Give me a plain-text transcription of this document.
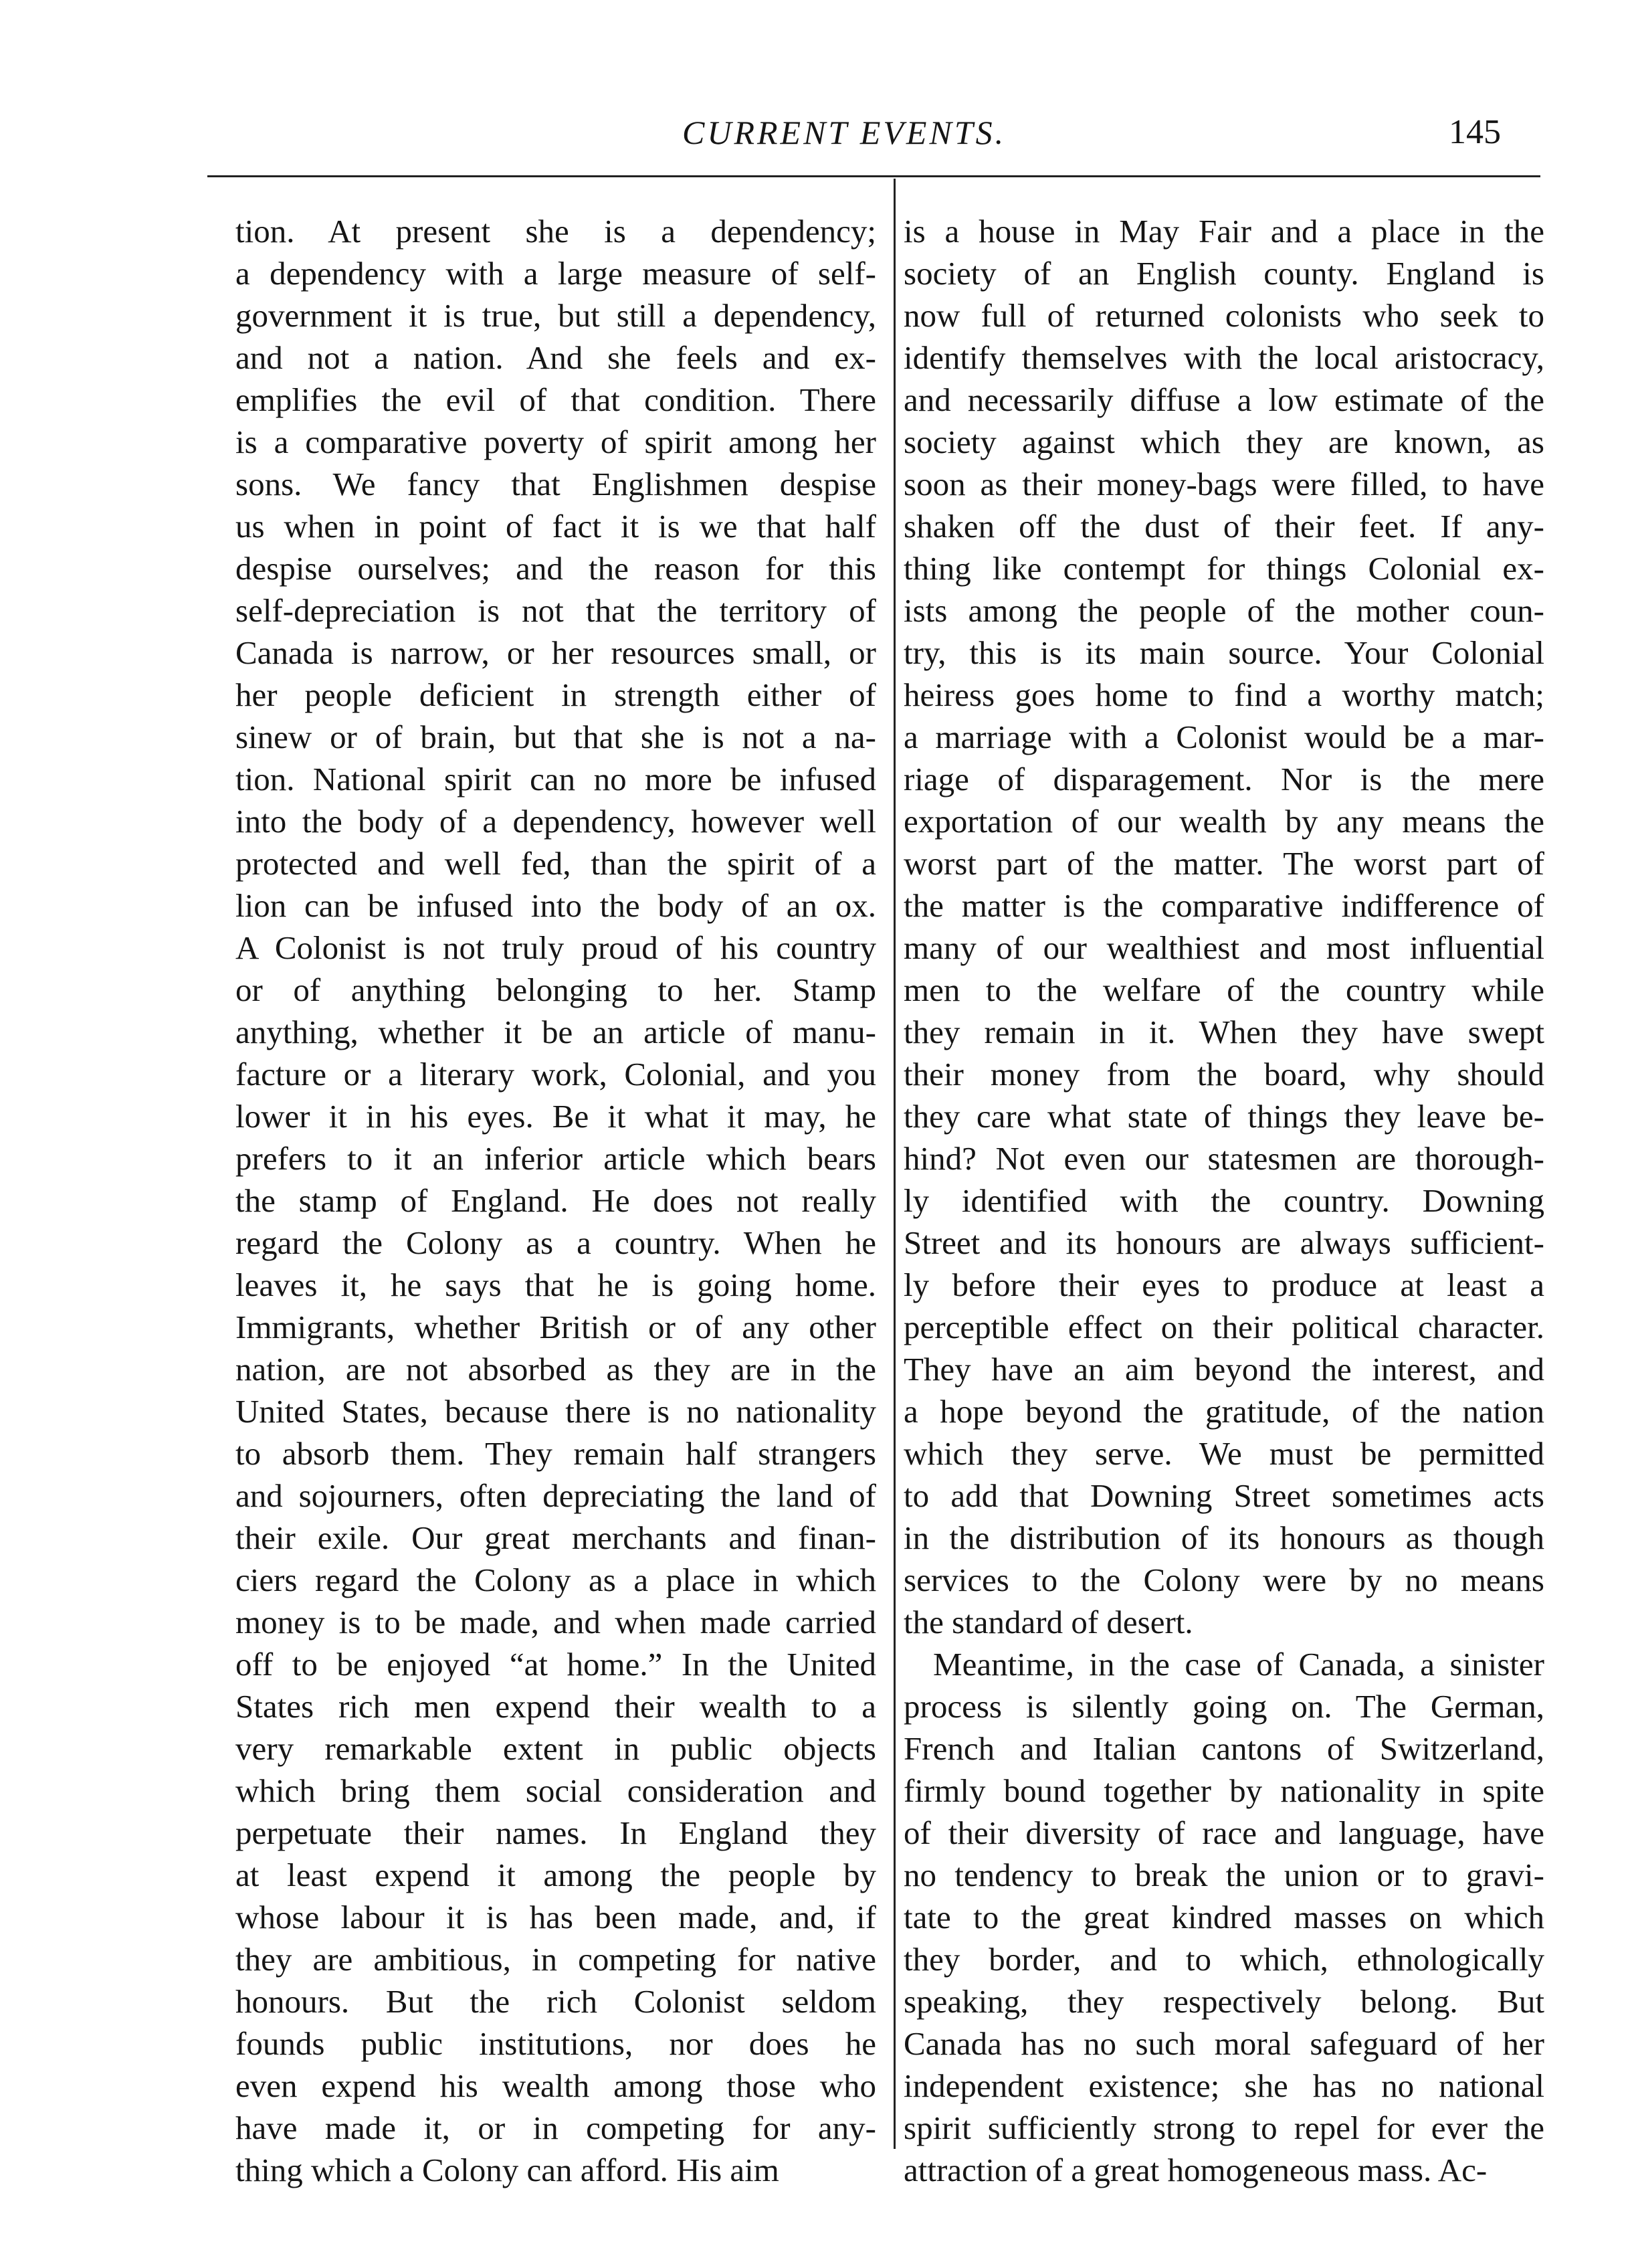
CURRENT EVENTS.	145
tion. At present she is a dependency;
a dependency with a large measure of self-
government it is true, but still a dependency,
and not a nation. And she feels and ex-
emplifies the evil of that condition. There
is a comparative poverty of spirit among her
sons. We fancy that Englishmen despise
us when in point of fact it is we that half
despise ourselves; and the reason for this
self-depreciation is not that the territory of
Canada is narrow, or her resources small, or
her people deficient in strength either of
sinew or of brain, but that she is not a na-
tion. National spirit can no more be infused
into the body of a dependency, however well
protected and well fed, than the spirit of a
lion can be infused into the body of an ox.
A Colonist is not truly proud of his country
or of anything belonging to her. Stamp
anything, whether it be an article of manu-
facture or a literary work, Colonial, and you
lower it in his eyes. Be it what it may, he
prefers to it an inferior article which bears
the stamp of England. He does not really
regard the Colony as a country. When he
leaves it, he says that he is going home.
Immigrants, whether British or of any other
nation, are not absorbed as they are in the
United States, because there is no nationality
to absorb them. They remain half strangers
and sojourners, often depreciating the land of
their exile. Our great merchants and finan-
ciers regard the Colony as a place in which
money is to be made, and when made carried
off to be enjoyed “at home.” In the United
States rich men expend their wealth to a
very remarkable extent in public objects
which bring them social consideration and
perpetuate their names. In England they
at least expend it among the people by
whose labour it is has been made, and, if
they are ambitious, in competing for native
honours. But the rich Colonist seldom
founds public institutions, nor does he
even expend his wealth among those who
have made it, or in competing for any-
thing which a Colony can afford. His aim
is a house in May Fair and a place in the
society of an English county. England is
now full of returned colonists who seek to
identify themselves with the local aristocracy,
and necessarily diffuse a low estimate of the
society against which they are known, as
soon as their money-bags were filled, to have
shaken off the dust of their feet. If any-
thing like contempt for things Colonial ex-
ists among the people of the mother coun-
try, this is its main source. Your Colonial
heiress goes home to find a worthy match;
a marriage with a Colonist would be a mar-
riage of disparagement. Nor is the mere
exportation of our wealth by any means the
worst part of the matter. The worst part of
the matter is the comparative indifference of
many of our wealthiest and most influential
men to the welfare of the country while
they remain in it. When they have swept
their money from the board, why should
they care what state of things they leave be-
hind? Not even our statesmen are thorough-
ly identified with the country. Downing
Street and its honours are always sufficient-
ly before their eyes to produce at least a
perceptible effect on their political character.
They have an aim beyond the interest, and
a hope beyond the gratitude, of the nation
which they serve. We must be permitted
to add that Downing Street sometimes acts
in the distribution of its honours as though
services to the Colony were by no means
the standard of desert.
Meantime, in the case of Canada, a sinister
process is silently going on. The German,
French and Italian cantons of Switzerland,
firmly bound together by nationality in spite
of their diversity of race and language, have
no tendency to break the union or to gravi-
tate to the great kindred masses on which
they border, and to which, ethnologically
speaking, they respectively belong. But
Canada has no such moral safeguard of her
independent existence; she has no national
spirit sufficiently strong to repel for ever the
attraction of a great homogeneous mass. Ac-
